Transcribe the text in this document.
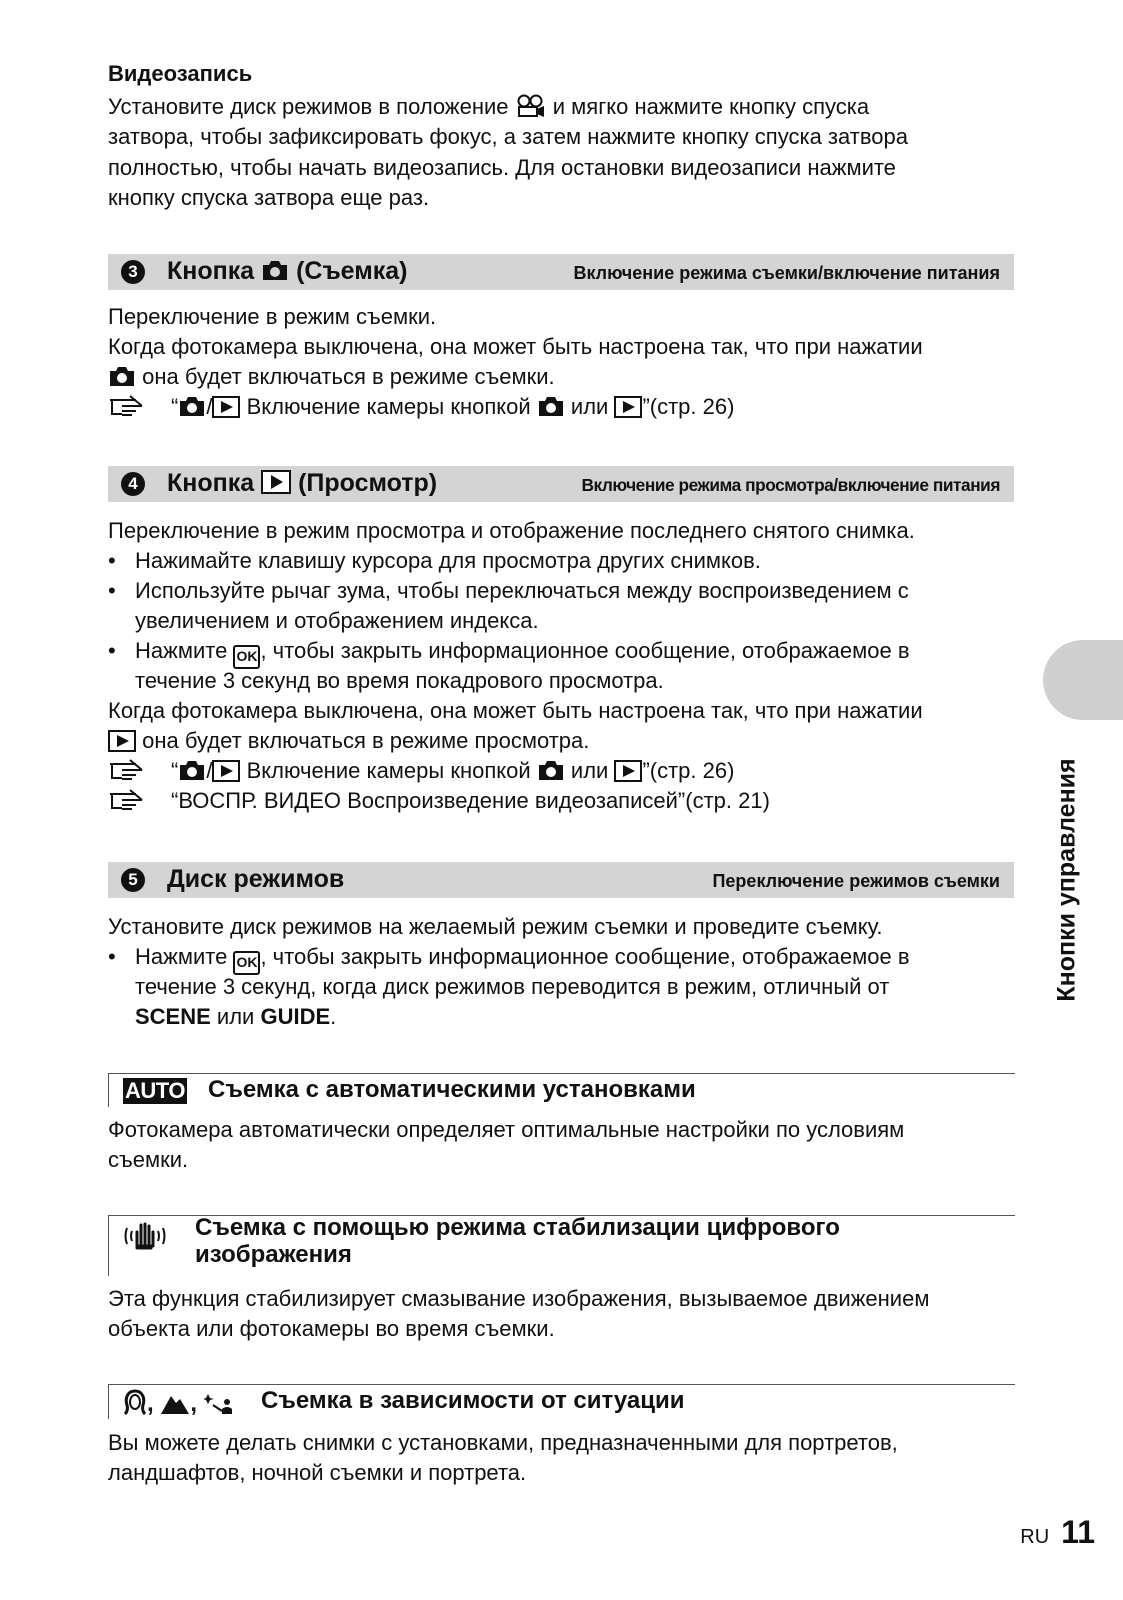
Видеозапись
Установите диск режимов в положение и мягко нажмите кнопку спуска
затвора, чтобы зафиксировать фокус, а затем нажмите кнопку спуска затвора
полностью, чтобы начать видеозапись. Для остановки видеозаписи нажмите
кнопку спуска затвора еще раз.
3 Кнопка (Съемка)	Включение режима съемки/включение питания
Переключение в режим съемки.
Когда фотокамера выключена, она может быть настроена так, что при нажатии
она будет включаться в режиме съемки.
“ / Включение камеры кнопкой или ”(стр. 26)
4 Кнопка (Просмотр)	Включение режима просмотра/включение питания
Переключение в режим просмотра и отображение последнего снятого снимка.
• Нажимайте клавишу курсора для просмотра других снимков.
• Используйте рычаг зума, чтобы переключаться между воспроизведением с
увеличением и отображением индекса.
• Нажмите OK , чтобы закрыть информационное сообщение, отображаемое в
течение 3 секунд во время покадрового просмотра.
Когда фотокамера выключена, она может быть настроена так, что при нажатии
она будет включаться в режиме просмотра.
“ / Включение камеры кнопкой или ”(стр. 26)
“ВОСПР. ВИДЕО Воспроизведение видеозаписей”(стр. 21)
5 Диск режимов	Переключение режимов съемки
Установите диск режимов на желаемый режим съемки и проведите съемку.
• Нажмите OK , чтобы закрыть информационное сообщение, отображаемое в
течение 3 секунд, когда диск режимов переводится в режим, отличный от
SCENE или GUIDE.
AUTO Съемка с автоматическими установками
Фотокамера автоматически определяет оптимальные настройки по условиям
съемки.
Съемка с помощью режима стабилизации цифрового
изображения
Эта функция стабилизирует смазывание изображения, вызываемое движением
объекта или фотокамеры во время съемки.
, ,	Съемка в зависимости от ситуации
Вы можете делать снимки с установками, предназначенными для портретов,
ландшафтов, ночной съемки и портрета.
Кнопки управления
RU 11
